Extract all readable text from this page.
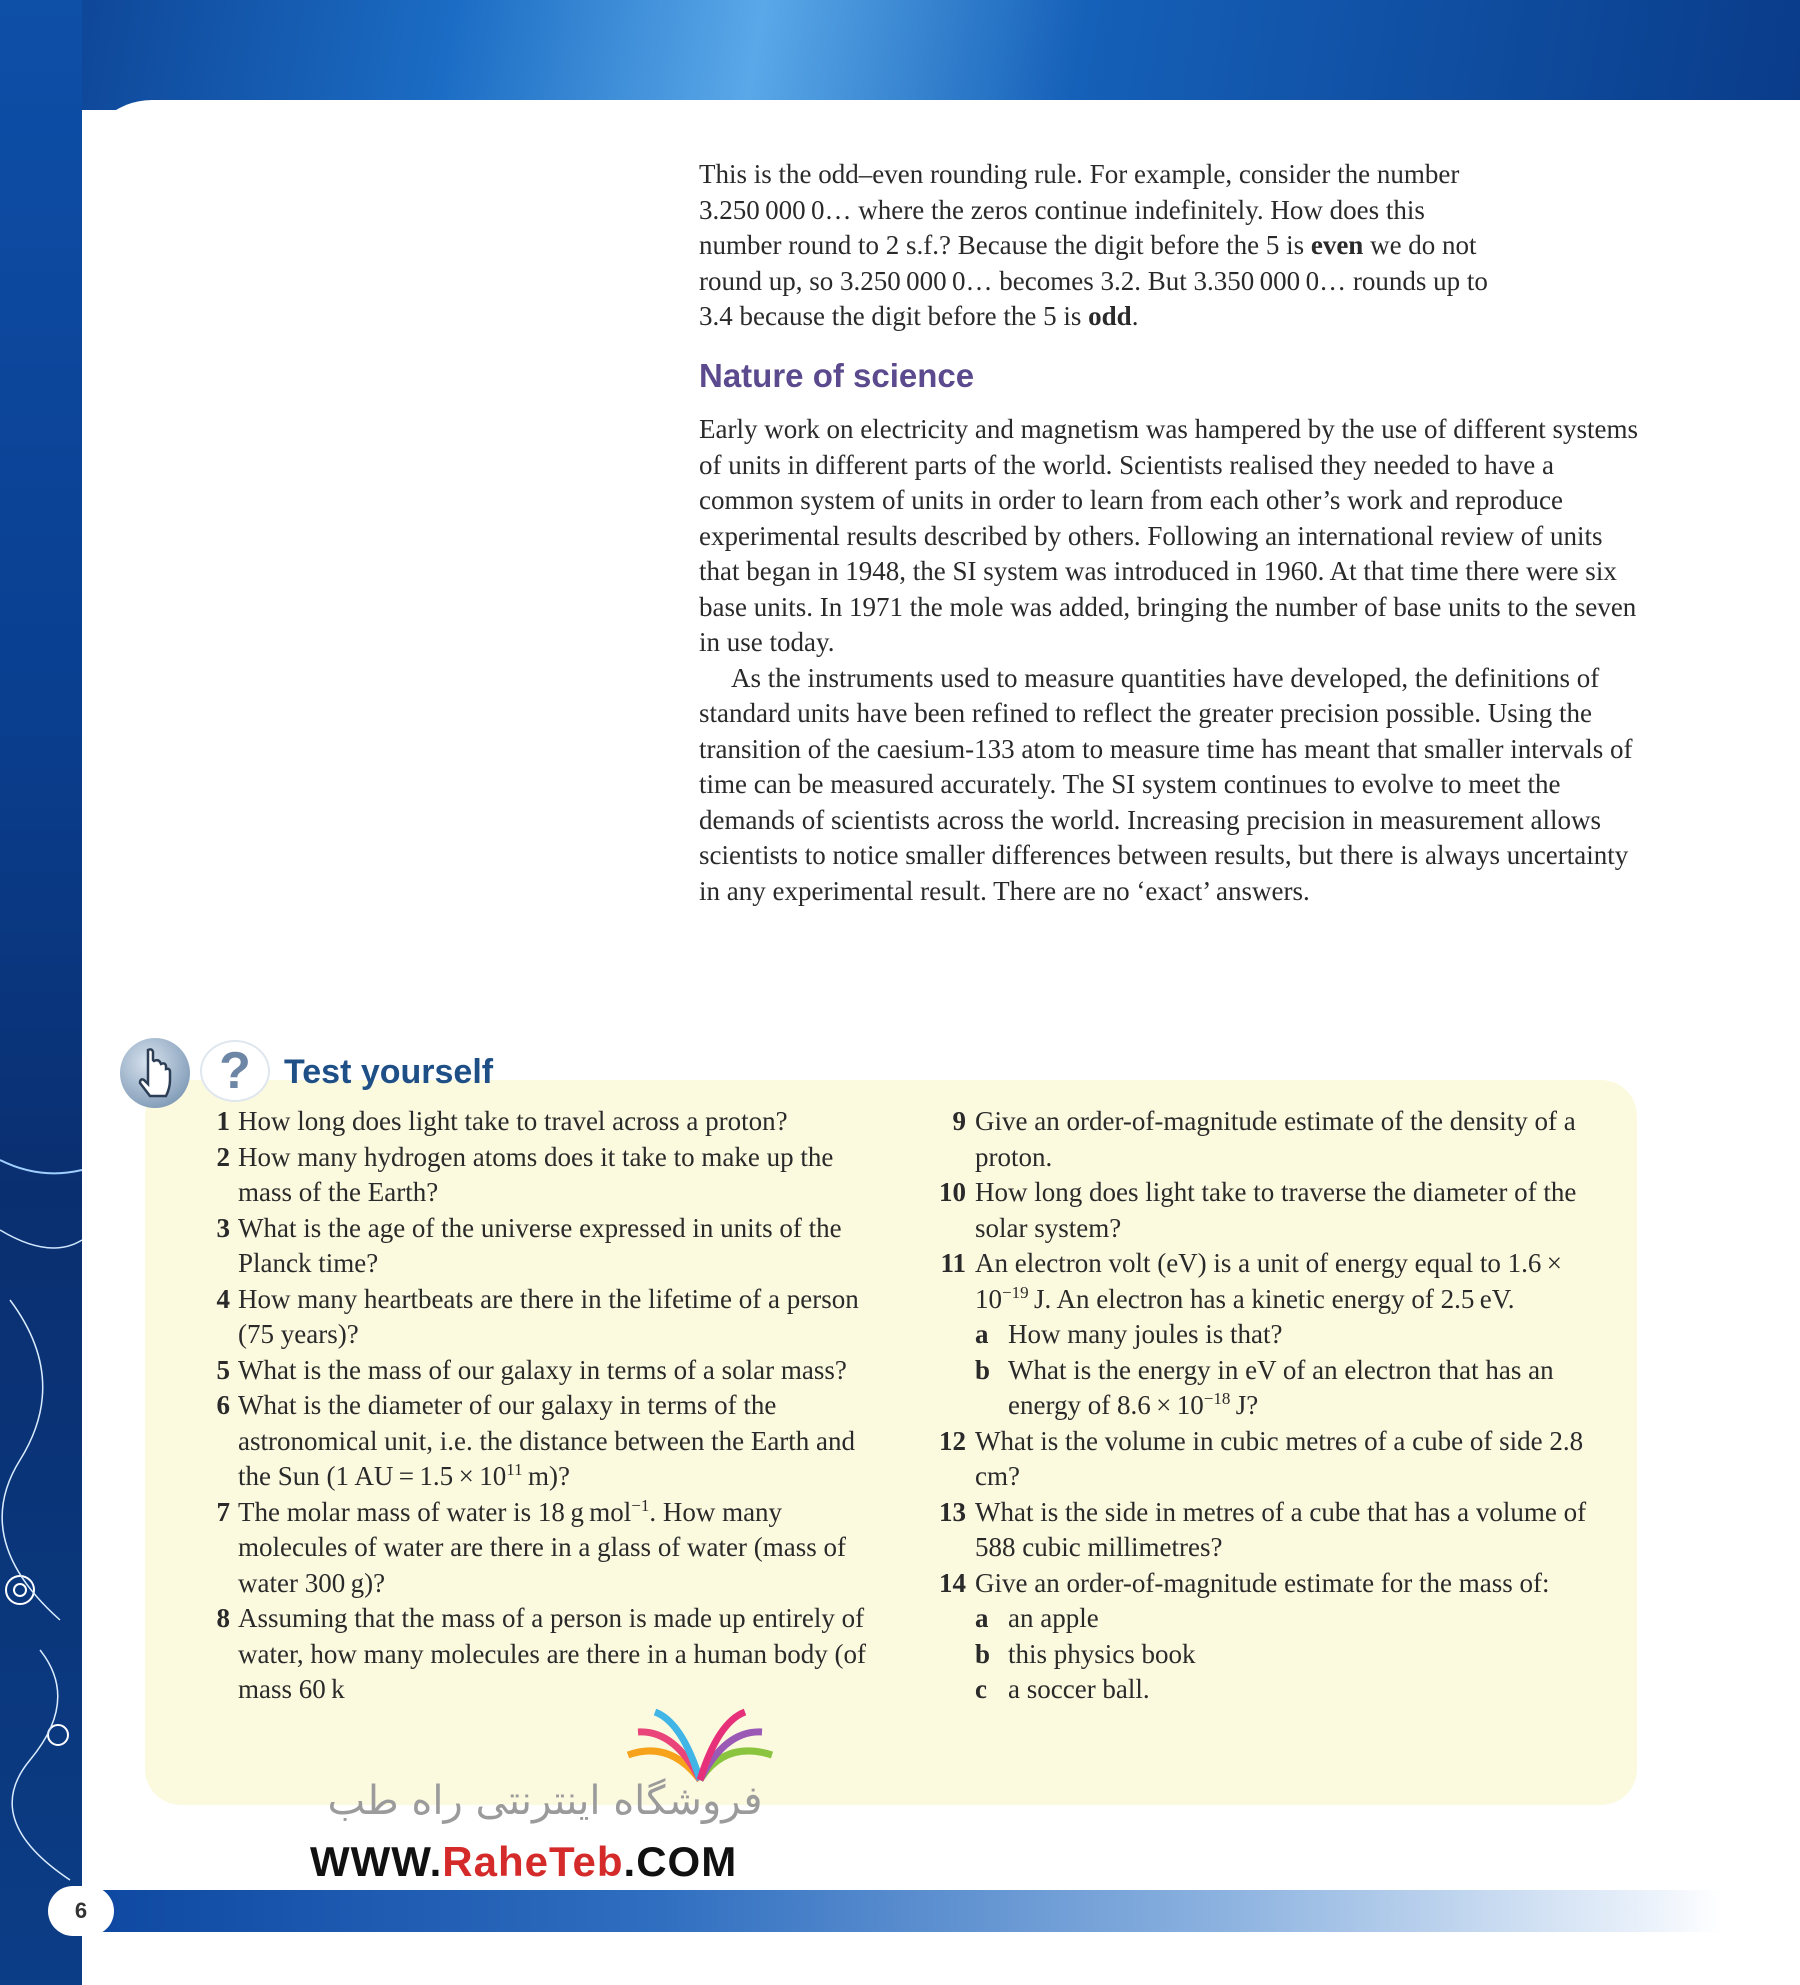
This is the odd–even rounding rule. For example, consider the number
3.250 000 0… where the zeros continue indefinitely. How does this
number round to 2 s.f.? Because the digit before the 5 is even we do not
round up, so 3.250 000 0… becomes 3.2. But 3.350 000 0… rounds up to
3.4 because the digit before the 5 is odd.

Nature of science

Early work on electricity and magnetism was hampered by the use of different systems of units in different parts of the world. Scientists realised they needed to have a common system of units in order to learn from each other’s work and reproduce experimental results described by others. Following an international review of units that began in 1948, the SI system was introduced in 1960. At that time there were six base units. In 1971 the mole was added, bringing the number of base units to the seven in use today.

As the instruments used to measure quantities have developed, the definitions of standard units have been refined to reflect the greater precision possible. Using the transition of the caesium-133 atom to measure time has meant that smaller intervals of time can be measured accurately. The SI system continues to evolve to meet the demands of scientists across the world. Increasing precision in measurement allows scientists to notice smaller differences between results, but there is always uncertainty in any experimental result. There are no ‘exact’ answers.

? Test yourself
1 How long does light take to travel across a proton?
2 How many hydrogen atoms does it take to make up the mass of the Earth?
3 What is the age of the universe expressed in units of the Planck time?
4 How many heartbeats are there in the lifetime of a person (75 years)?
5 What is the mass of our galaxy in terms of a solar mass?
6 What is the diameter of our galaxy in terms of the astronomical unit, i.e. the distance between the Earth and the Sun (1 AU = $1.5 \times 10^{11}$ m)?
7 The molar mass of water is 18 g mol$^{-1}$. How many molecules of water are there in a glass of water (mass of water 300 g)?
8 Assuming that the mass of a person is made up entirely of water, how many molecules are there in a human body (of mass 60 k
9 Give an order-of-magnitude estimate of the density of a proton.
10 How long does light take to traverse the diameter of the solar system?
11 An electron volt (eV) is a unit of energy equal to $1.6 \times 10^{-19}$ J. An electron has a kinetic energy of 2.5 eV.
a How many joules is that?
b What is the energy in eV of an electron that has an energy of $8.6 \times 10^{-18}$ J?
12 What is the volume in cubic metres of a cube of side 2.8 cm?
13 What is the side in metres of a cube that has a volume of 588 cubic millimetres?
14 Give an order-of-magnitude estimate for the mass of:
a an apple
b this physics book
c a soccer ball.
فروشگاه اینترنتی راه طب
WWW.RaheTeb.COM
6
